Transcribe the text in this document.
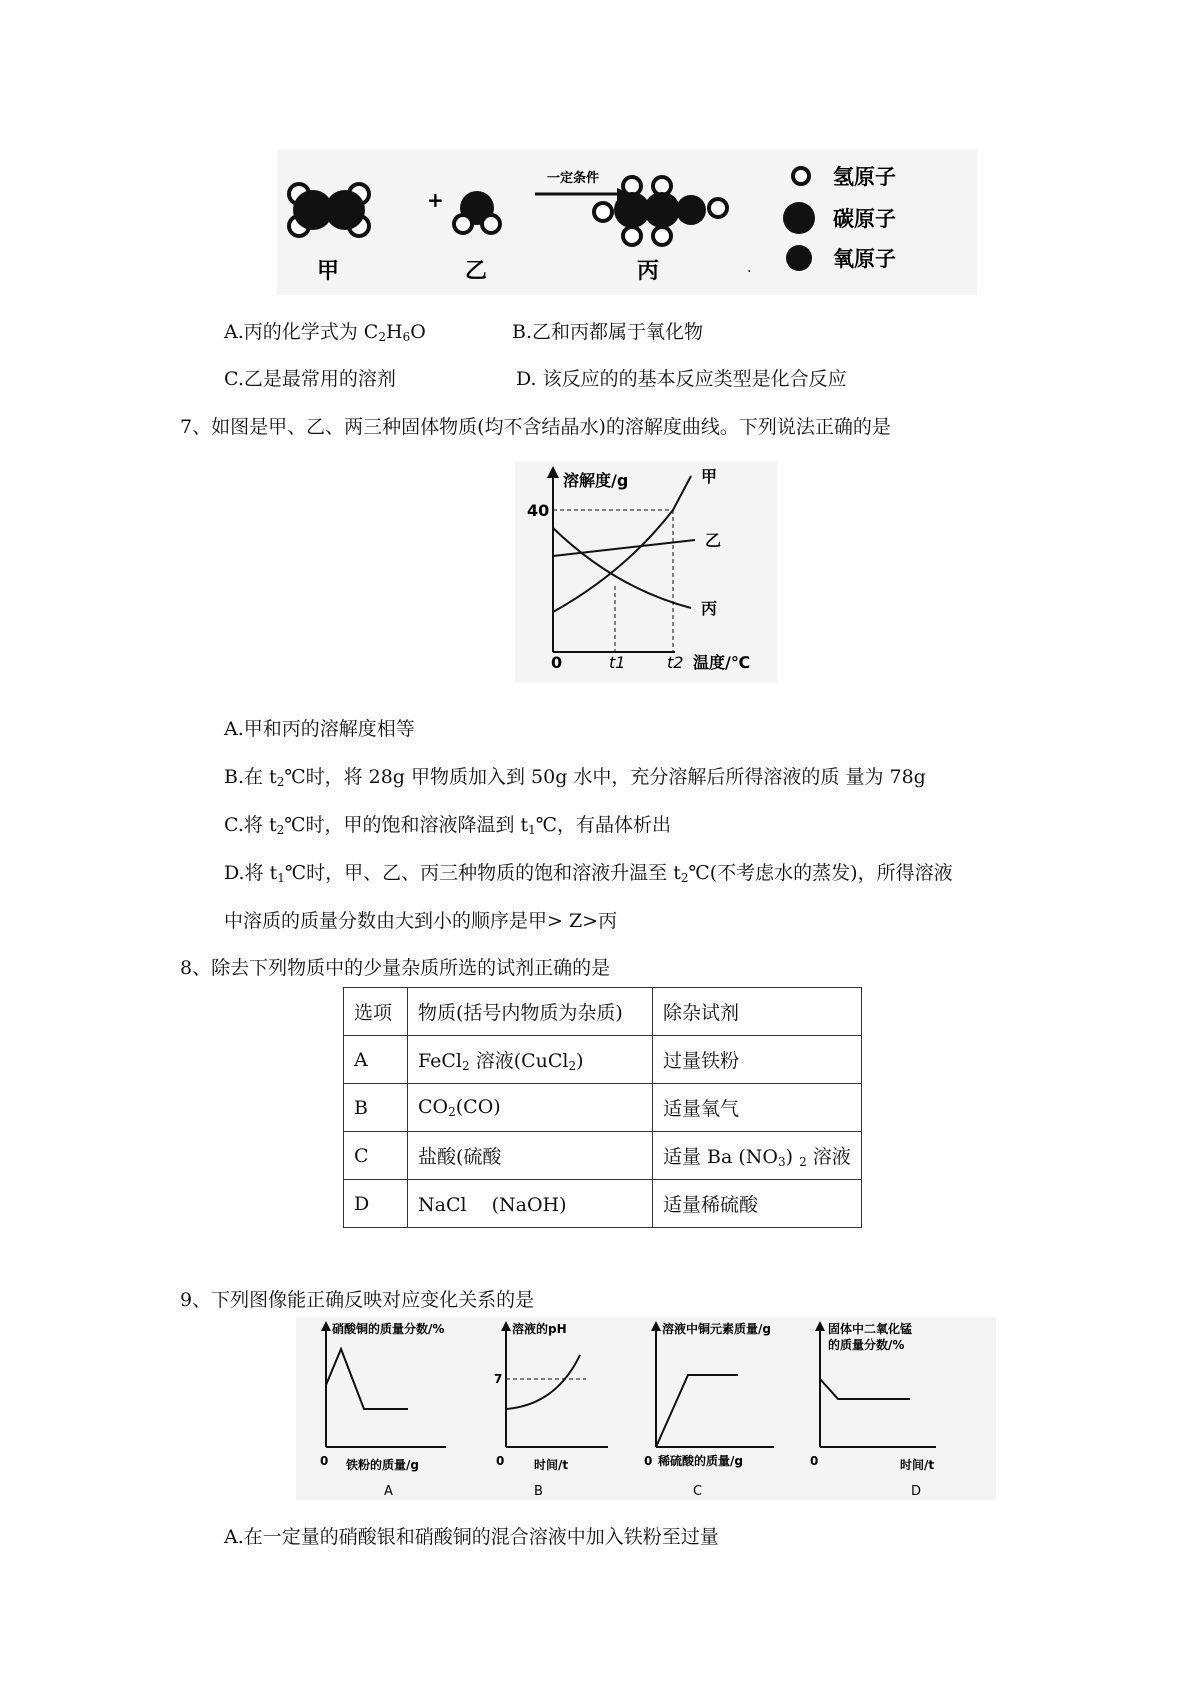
+
一定条件
甲	乙	丙	.
氢原子
碳原子
氧原子
A.丙的化学式为 $C_2H_6O$	B.乙和丙都属于氧化物
C.乙是最常用的溶剂	D. 该反应的的基本反应类型是化合反应
7、如图是甲、乙、两三种固体物质(均不含结晶水)的溶解度曲线。下列说法正确的是
溶解度/g
温度/℃
40
0	t1	t2
甲
乙
丙
A.甲和丙的溶解度相等
B.在 $t_2℃$时，将 28g 甲物质加入到 50g 水中，充分溶解后所得溶液的质 量为 78g
C.将 $t_2℃$时，甲的饱和溶液降温到 $t_1℃$，有晶体析出
D.将 $t_1℃$时，甲、乙、丙三种物质的饱和溶液升温至 $t_2℃$(不考虑水的蒸发)，所得溶液
中溶质的质量分数由大到小的顺序是甲> Z>丙
8、除去下列物质中的少量杂质所选的试剂正确的是
选项	物质(括号内物质为杂质)	除杂试剂
A	FeCl$_2$ 溶液(CuCl$_2$)	过量铁粉
B	$CO_2(CO)$	适量氧气
C	盐酸(硫酸	适量 Ba $(NO_3)$ $_2$ 溶液
D	NaCl　 (NaOH)	适量稀硫酸
9、下列图像能正确反映对应变化关系的是
硝酸铜的质量分数/%
0 铁粉的质量/g
A
溶液的pH
7
0 时间/t
B
溶液中铜元素质量/g
稀硫酸的质量/g
C
固体中二氧化锰
的质量分数/%
0	时间/t
D
0
A.在一定量的硝酸银和硝酸铜的混合溶液中加入铁粉至过量
